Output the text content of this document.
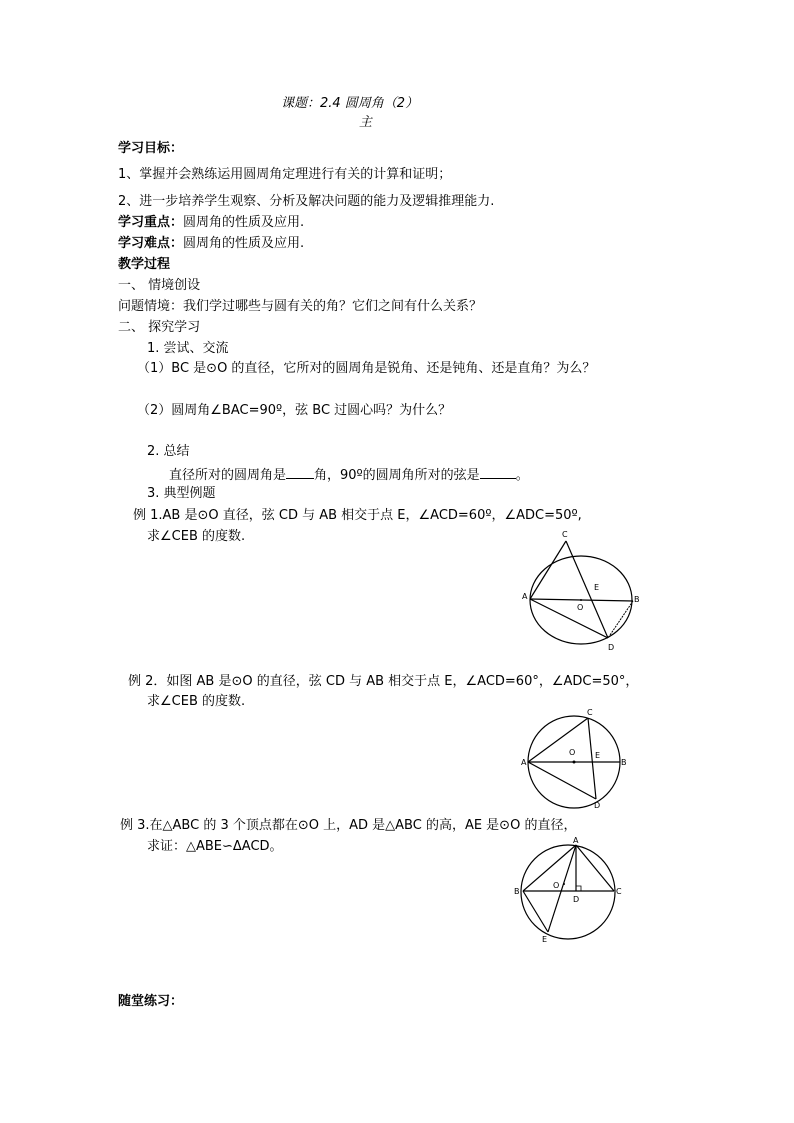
课题：2.4 圆周角（2）
主
学习目标：
1、掌握并会熟练运用圆周角定理进行有关的计算和证明；
2、进一步培养学生观察、分析及解决问题的能力及逻辑推理能力.
学习重点：圆周角的性质及应用.
学习难点：圆周角的性质及应用.
教学过程
一、 情境创设
问题情境：我们学过哪些与圆有关的角？它们之间有什么关系？
二、 探究学习
1. 尝试、交流
（1）BC 是⊙O 的直径，它所对的圆周角是锐角、还是钝角、还是直角？为么？
（2）圆周角∠BAC=90º，弦 BC 过圆心吗？为什么？
2. 总结
直径所对的圆周角是 角，90º的圆周角所对的弦是	。
3. 典型例题
例 1.AB 是⊙O 直径，弦 CD 与 AB 相交于点 E，∠ACD=60º，∠ADC=50º,
求∠CEB 的度数.	C
A	B
E
O
D
例 2．如图 AB 是⊙O 的直径，弦 CD 与 AB 相交于点 E，∠ACD=60°，∠ADC=50°，
求∠CEB 的度数.
C
O E
A	B
D
例 3.在△ABC 的 3 个顶点都在⊙O 上，AD 是△ABC 的高，AE 是⊙O 的直径，
求证：△ABE∽ΔACD。	A
O
B	C
D
E
随堂练习：
